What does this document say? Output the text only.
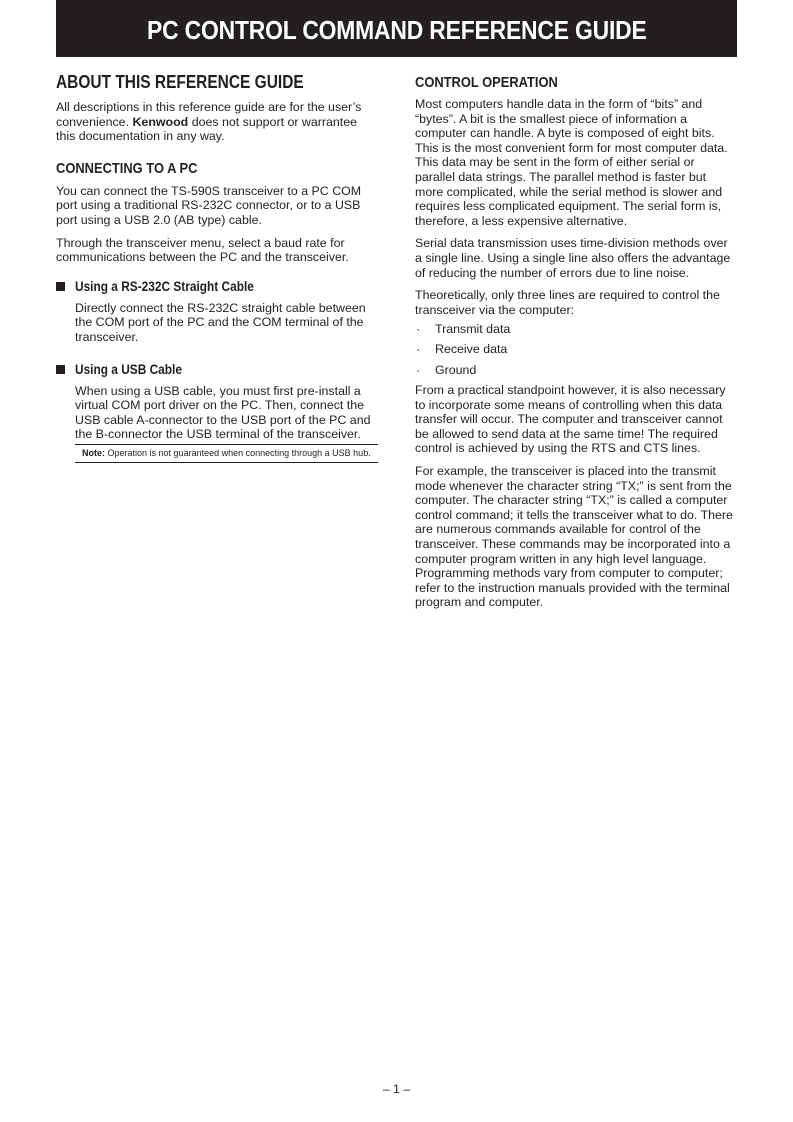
PC CONTROL COMMAND REFERENCE GUIDE
ABOUT THIS REFERENCE GUIDE

All descriptions in this reference guide are for the user’s convenience. Kenwood does not support or warrantee this documentation in any way.

CONNECTING TO A PC

You can connect the TS-590S transceiver to a PC COM port using a traditional RS-232C connector, or to a USB port using a USB 2.0 (AB type) cable.

Through the transceiver menu, select a baud rate for communications between the PC and the transceiver.

Using a RS-232C Straight Cable

Directly connect the RS-232C straight cable between the COM port of the PC and the COM terminal of the transceiver.

Using a USB Cable

When using a USB cable, you must first pre-install a virtual COM port driver on the PC. Then, connect the USB cable A-connector to the USB port of the PC and the B-connector the USB terminal of the transceiver.

Note: Operation is not guaranteed when connecting through a USB hub.
CONTROL OPERATION

Most computers handle data in the form of “bits” and “bytes”. A bit is the smallest piece of information a computer can handle. A byte is composed of eight bits. This is the most convenient form for most computer data. This data may be sent in the form of either serial or parallel data strings. The parallel method is faster but more complicated, while the serial method is slower and requires less complicated equipment. The serial form is, therefore, a less expensive alternative.

Serial data transmission uses time-division methods over a single line. Using a single line also offers the advantage of reducing the number of errors due to line noise.

Theoretically, only three lines are required to control the transceiver via the computer:

·	Transmit data
·	Receive data
·	Ground

From a practical standpoint however, it is also necessary to incorporate some means of controlling when this data transfer will occur. The computer and transceiver cannot be allowed to send data at the same time! The required control is achieved by using the RTS and CTS lines.

For example, the transceiver is placed into the transmit mode whenever the character string “TX;” is sent from the computer. The character string “TX;” is called a computer control command; it tells the transceiver what to do. There are numerous commands available for control of the transceiver. These commands may be incorporated into a computer program written in any high level language. Programming methods vary from computer to computer; refer to the instruction manuals provided with the terminal program and computer.

– 1 –
